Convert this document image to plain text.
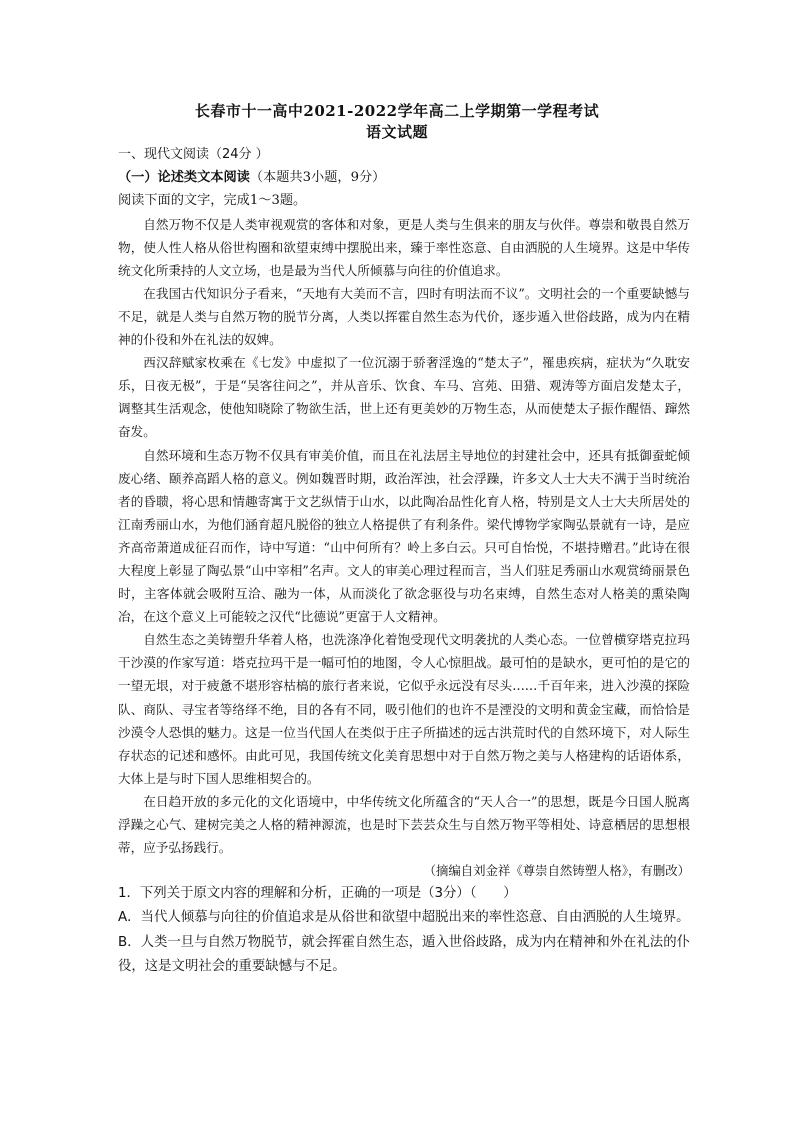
长春市十一高中2021-2022学年高二上学期第一学程考试
语文试题
一、现代文阅读（24分 ）
（一）论述类文本阅读（本题共3小题，9分）
阅读下面的文字，完成1～3题。

自然万物不仅是人类审视观赏的客体和对象，更是人类与生俱来的朋友与伙伴。尊崇和敬畏自然万物，使人性人格从俗世构圈和欲望束缚中摆脱出来，臻于率性恣意、自由洒脱的人生境界。这是中华传统文化所秉持的人文立场，也是最为当代人所倾慕与向往的价值追求。

在我国古代知识分子看来，“天地有大美而不言，四时有明法而不议”。文明社会的一个重要缺憾与不足，就是人类与自然万物的脱节分离，人类以挥霍自然生态为代价，逐步遁入世俗歧路，成为内在精神的仆役和外在礼法的奴婢。

西汉辞赋家枚乘在《七发》中虚拟了一位沉溺于骄奢淫逸的“楚太子”，罹患疾病，症状为“久耽安乐，日夜无极”，于是“吴客往问之”，并从音乐、饮食、车马、宫苑、田猎、观涛等方面启发楚太子，调整其生活观念，使他知晓除了物欲生活，世上还有更美妙的万物生态，从而使楚太子振作醒悟、蹿然奋发。

自然环境和生态万物不仅具有审美价值，而且在礼法居主导地位的封建社会中，还具有抵御蚕蛇倾废心绪、颐养高蹈人格的意义。例如魏晋时期，政治浑浊，社会浮躁，许多文人士大夫不满于当时统治者的昏聩，将心思和情趣寄寓于文艺纵情于山水，以此陶冶品性化育人格，特别是文人士大夫所居处的江南秀丽山水，为他们涵育超凡脱俗的独立人格提供了有利条件。梁代博物学家陶弘景就有一诗，是应齐高帝萧道成征召而作，诗中写道：“山中何所有？岭上多白云。只可自怡悦，不堪持赠君。”此诗在很大程度上彰显了陶弘景“山中宰相”名声。文人的审美心理过程而言，当人们驻足秀丽山水观赏绮丽景色时，主客体就会吸附互洽、融为一体，从而淡化了欲念驱役与功名束缚，自然生态对人格美的熏染陶冶，在这个意义上可能较之汉代“比德说”更富于人文精神。

自然生态之美铸塑升华着人格，也洗涤净化着饱受现代文明袭扰的人类心态。一位曾横穿塔克拉玛干沙漠的作家写道：塔克拉玛干是一幅可怕的地图，令人心惊胆战。最可怕的是缺水，更可怕的是它的一望无垠，对于疲惫不堪形容枯槁的旅行者来说，它似乎永远没有尽头……千百年来，进入沙漠的探险队、商队、寻宝者等络绎不绝，目的各有不同，吸引他们的也许不是湮没的文明和黄金宝藏，而恰恰是沙漠令人恐惧的魅力。这是一位当代国人在类似于庄子所描述的远古洪荒时代的自然环境下，对人际生存状态的记述和感怀。由此可见，我国传统文化美育思想中对于自然万物之美与人格建构的话语体系，大体上是与时下国人思维相契合的。

在日趋开放的多元化的文化语境中，中华传统文化所蕴含的“天人合一”的思想，既是今日国人脱离浮躁之心气、建树完美之人格的精神源流，也是时下芸芸众生与自然万物平等相处、诗意栖居的思想根蒂，应予弘扬践行。

（摘编自刘金祥《尊崇自然铸塑人格》，有删改）

1．下列关于原文内容的理解和分析，正确的一项是（3分）（　　）

A．当代人倾慕与向往的价值追求是从俗世和欲望中超脱出来的率性恣意、自由洒脱的人生境界。

B．人类一旦与自然万物脱节，就会挥霍自然生态，遁入世俗歧路，成为内在精神和外在礼法的仆役，这是文明社会的重要缺憾与不足。
